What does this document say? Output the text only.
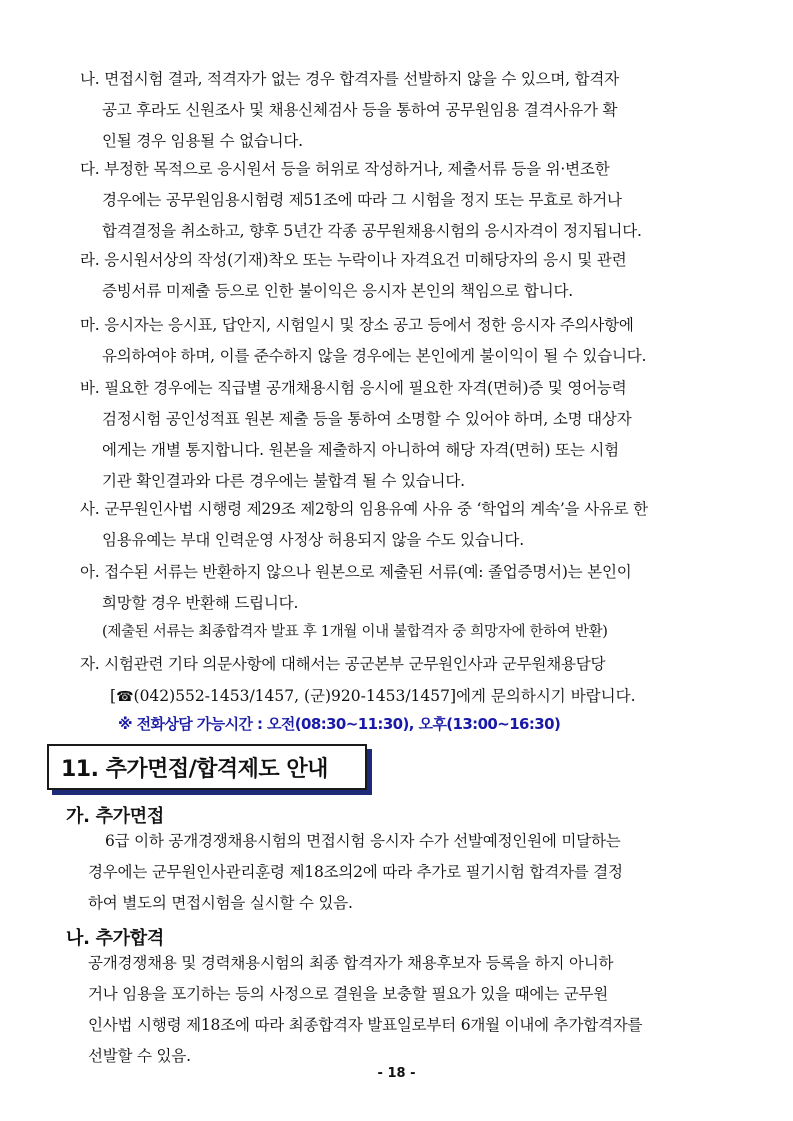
나. 면접시험 결과, 적격자가 없는 경우 합격자를 선발하지 않을 수 있으며, 합격자
공고 후라도 신원조사 및 채용신체검사 등을 통하여 공무원임용 결격사유가 확
인될 경우 임용될 수 없습니다.
다. 부정한 목적으로 응시원서 등을 허위로 작성하거나, 제출서류 등을 위·변조한
경우에는 공무원임용시험령 제51조에 따라 그 시험을 정지 또는 무효로 하거나
합격결정을 취소하고, 향후 5년간 각종 공무원채용시험의 응시자격이 정지됩니다.
라. 응시원서상의 작성(기재)착오 또는 누락이나 자격요건 미해당자의 응시 및 관련
증빙서류 미제출 등으로 인한 불이익은 응시자 본인의 책임으로 합니다.
마. 응시자는 응시표, 답안지, 시험일시 및 장소 공고 등에서 정한 응시자 주의사항에
유의하여야 하며, 이를 준수하지 않을 경우에는 본인에게 불이익이 될 수 있습니다.
바. 필요한 경우에는 직급별 공개채용시험 응시에 필요한 자격(면허)증 및 영어능력
검정시험 공인성적표 원본 제출 등을 통하여 소명할 수 있어야 하며, 소명 대상자
에게는 개별 통지합니다. 원본을 제출하지 아니하여 해당 자격(면허) 또는 시험
기관 확인결과와 다른 경우에는 불합격 될 수 있습니다.
사. 군무원인사법 시행령 제29조 제2항의 임용유예 사유 중 ‘학업의 계속’을 사유로 한
임용유예는 부대 인력운영 사정상 허용되지 않을 수도 있습니다.
아. 접수된 서류는 반환하지 않으나 원본으로 제출된 서류(예: 졸업증명서)는 본인이
희망할 경우 반환해 드립니다.
(제출된 서류는 최종합격자 발표 후 1개월 이내 불합격자 중 희망자에 한하여 반환)
자. 시험관련 기타 의문사항에 대해서는 공군본부 군무원인사과 군무원채용담당
[☎(042)552-1453/1457, (군)920-1453/1457]에게 문의하시기 바랍니다.
※ 전화상담 가능시간 : 오전(08:30~11:30), 오후(13:00~16:30)
11. 추가면접/합격제도 안내
가. 추가면접
6급 이하 공개경쟁채용시험의 면접시험 응시자 수가 선발예정인원에 미달하는
경우에는 군무원인사관리훈령 제18조의2에 따라 추가로 필기시험 합격자를 결정
하여 별도의 면접시험을 실시할 수 있음.
나. 추가합격
공개경쟁채용 및 경력채용시험의 최종 합격자가 채용후보자 등록을 하지 아니하
거나 임용을 포기하는 등의 사정으로 결원을 보충할 필요가 있을 때에는 군무원
인사법 시행령 제18조에 따라 최종합격자 발표일로부터 6개월 이내에 추가합격자를
선발할 수 있음.
- 18 -
